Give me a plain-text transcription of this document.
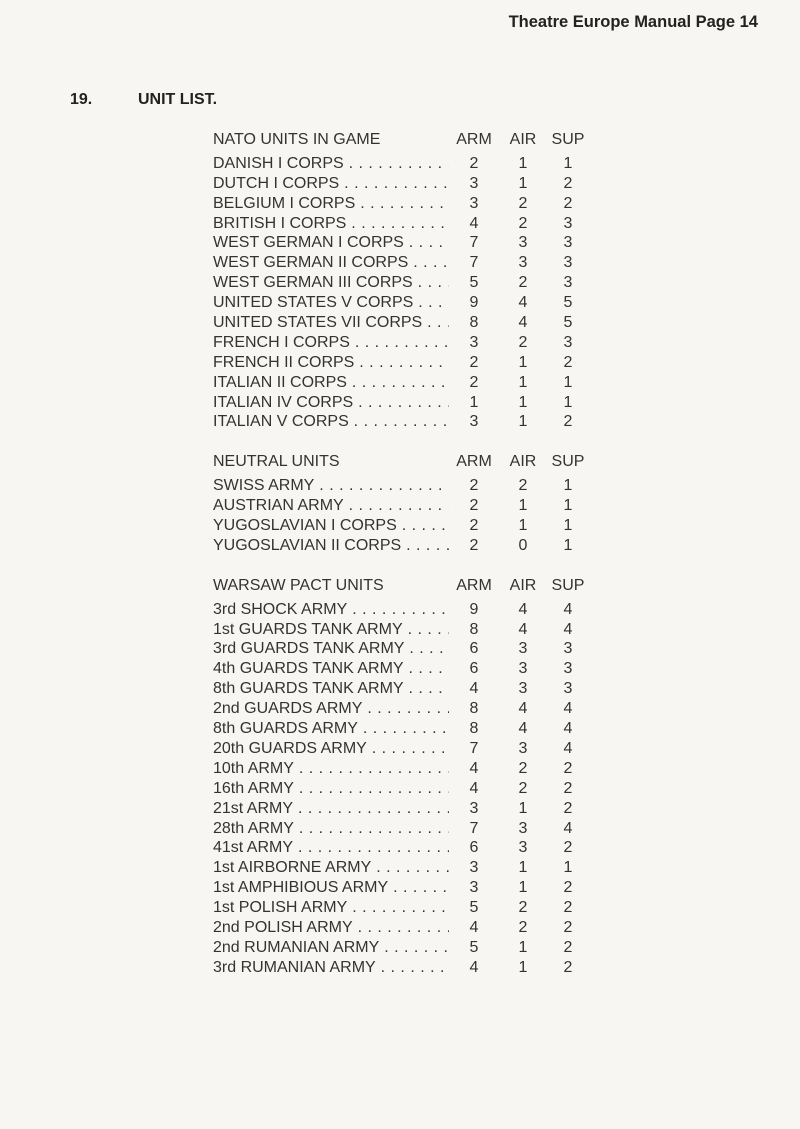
Theatre Europe Manual Page 14
19.	UNIT LIST.
NATO UNITS IN GAME	ARM	AIR SUP
DANISH I CORPS . . .	2	1	1
DUTCH I CORPS . . .	3	1	2
BELGIUM I CORPS . . .	3	2	2
BRITISH I CORPS . . .	4	2	3
WEST GERMAN I CORPS . . .	7	3	3
WEST GERMAN II CORPS . . .	7	3	3
WEST GERMAN III CORPS . . .	5	2	3
UNITED STATES V CORPS . . .	9	4	5
UNITED STATES VII CORPS . . .	8	4	5
FRENCH I CORPS . . .	3	2	3
FRENCH II CORPS . . .	2	1	2
ITALIAN II CORPS . . .	2	1	1
ITALIAN IV CORPS . . .	1	1	1
ITALIAN V CORPS . . .	3	1	2
NEUTRAL UNITS	ARM	AIR SUP
SWISS ARMY . . .	2	2	1
AUSTRIAN ARMY . . .	2	1	1
YUGOSLAVIAN I CORPS . . .	2	1	1
YUGOSLAVIAN II CORPS . . .	2	0	1
WARSAW PACT UNITS	ARM	AIR SUP
3rd SHOCK ARMY . . .	9	4	4
1st GUARDS TANK ARMY . . .	8	4	4
3rd GUARDS TANK ARMY . . .	6	3	3
4th GUARDS TANK ARMY . . .	6	3	3
8th GUARDS TANK ARMY . . .	4	3	3
2nd GUARDS ARMY . . .	8	4	4
8th GUARDS ARMY . . .	8	4	4
20th GUARDS ARMY . . .	7	3	4
10th ARMY . . .	4	2	2
16th ARMY . . .	4	2	2
21st ARMY . . .	3	1	2
28th ARMY . . .	7	3	4
41st ARMY . . .	6	3	2
1st AIRBORNE ARMY . . .	3	1	1
1st AMPHIBIOUS ARMY . . .	3	1	2
1st POLISH ARMY . . .	5	2	2
2nd POLISH ARMY . . .	4	2	2
2nd RUMANIAN ARMY . . .	5	1	2
3rd RUMANIAN ARMY . . .	4	1	2
